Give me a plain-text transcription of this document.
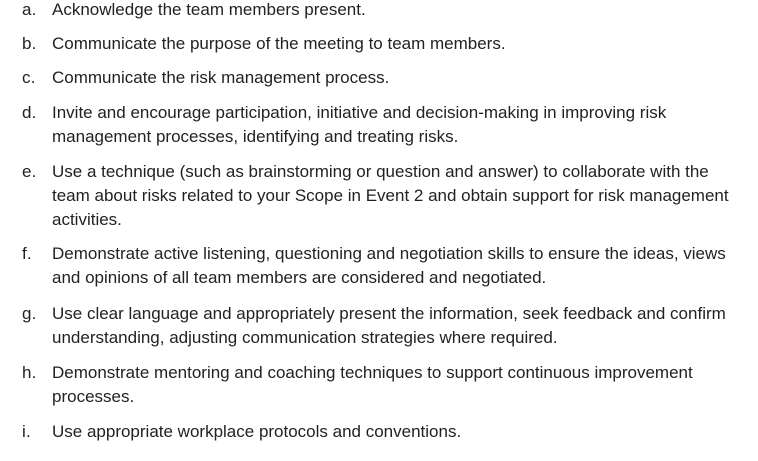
a. Acknowledge the team members present.
b. Communicate the purpose of the meeting to team members.
c. Communicate the risk management process.
d. Invite and encourage participation, initiative and decision-making in improving risk management processes, identifying and treating risks.
e. Use a technique (such as brainstorming or question and answer) to collaborate with the team about risks related to your Scope in Event 2 and obtain support for risk management activities.
f.	Demonstrate active listening, questioning and negotiation skills to ensure the ideas, views and opinions of all team members are considered and negotiated.
g. Use clear language and appropriately present the information, seek feedback and confirm understanding, adjusting communication strategies where required.
h. Demonstrate mentoring and coaching techniques to support continuous improvement processes.
i.	Use appropriate workplace protocols and conventions.
